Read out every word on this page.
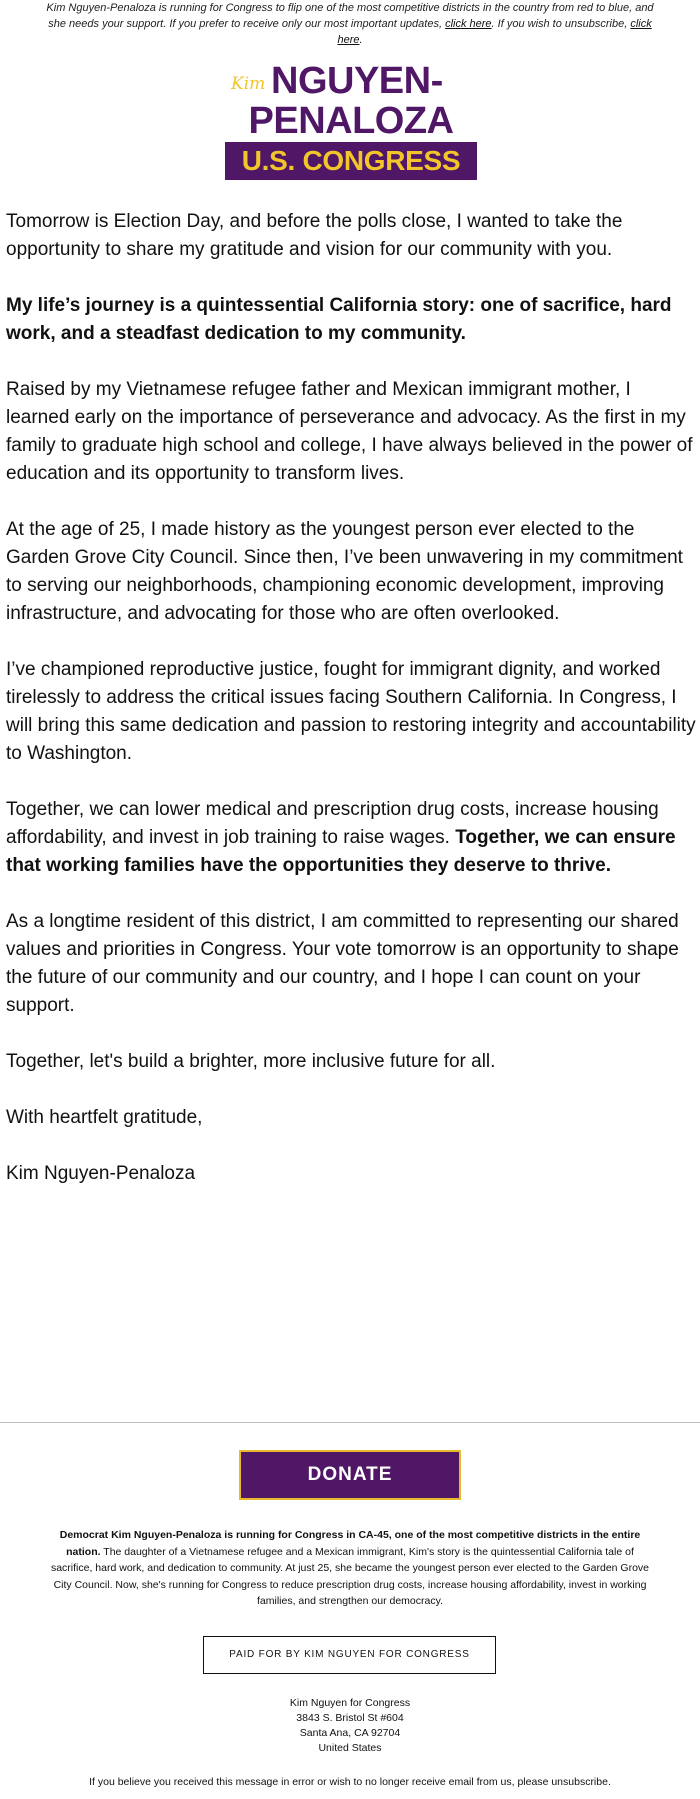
Kim Nguyen-Penaloza is running for Congress to flip one of the most competitive districts in the country from red to blue, and she needs your support. If you prefer to receive only our most important updates, click here. If you wish to unsubscribe, click here.
Kim NGUYEN-
PENALOZA
U.S. CONGRESS

Tomorrow is Election Day, and before the polls close, I wanted to take the opportunity to share my gratitude and vision for our community with you.

My life’s journey is a quintessential California story: one of sacrifice, hard work, and a steadfast dedication to my community.

Raised by my Vietnamese refugee father and Mexican immigrant mother, I learned early on the importance of perseverance and advocacy. As the first in my family to graduate high school and college, I have always believed in the power of education and its opportunity to transform lives.

At the age of 25, I made history as the youngest person ever elected to the Garden Grove City Council. Since then, I’ve been unwavering in my commitment to serving our neighborhoods, championing economic development, improving infrastructure, and advocating for those who are often overlooked.

I’ve championed reproductive justice, fought for immigrant dignity, and worked tirelessly to address the critical issues facing Southern California. In Congress, I will bring this same dedication and passion to restoring integrity and accountability to Washington.

Together, we can lower medical and prescription drug costs, increase housing affordability, and invest in job training to raise wages. Together, we can ensure that working families have the opportunities they deserve to thrive.

As a longtime resident of this district, I am committed to representing our shared values and priorities in Congress. Your vote tomorrow is an opportunity to shape the future of our community and our country, and I hope I can count on your support.

Together, let's build a brighter, more inclusive future for all.

With heartfelt gratitude,

Kim Nguyen-Penaloza

DONATE
Democrat Kim Nguyen-Penaloza is running for Congress in CA-45, one of the most competitive districts in the entire nation. The daughter of a Vietnamese refugee and a Mexican immigrant, Kim's story is the quintessential California tale of sacrifice, hard work, and dedication to community. At just 25, she became the youngest person ever elected to the Garden Grove City Council. Now, she's running for Congress to reduce prescription drug costs, increase housing affordability, invest in working families, and strengthen our democracy.
PAID FOR BY KIM NGUYEN FOR CONGRESS
Kim Nguyen for Congress
3843 S. Bristol St #604
Santa Ana, CA 92704
United States
If you believe you received this message in error or wish to no longer receive email from us, please unsubscribe.
